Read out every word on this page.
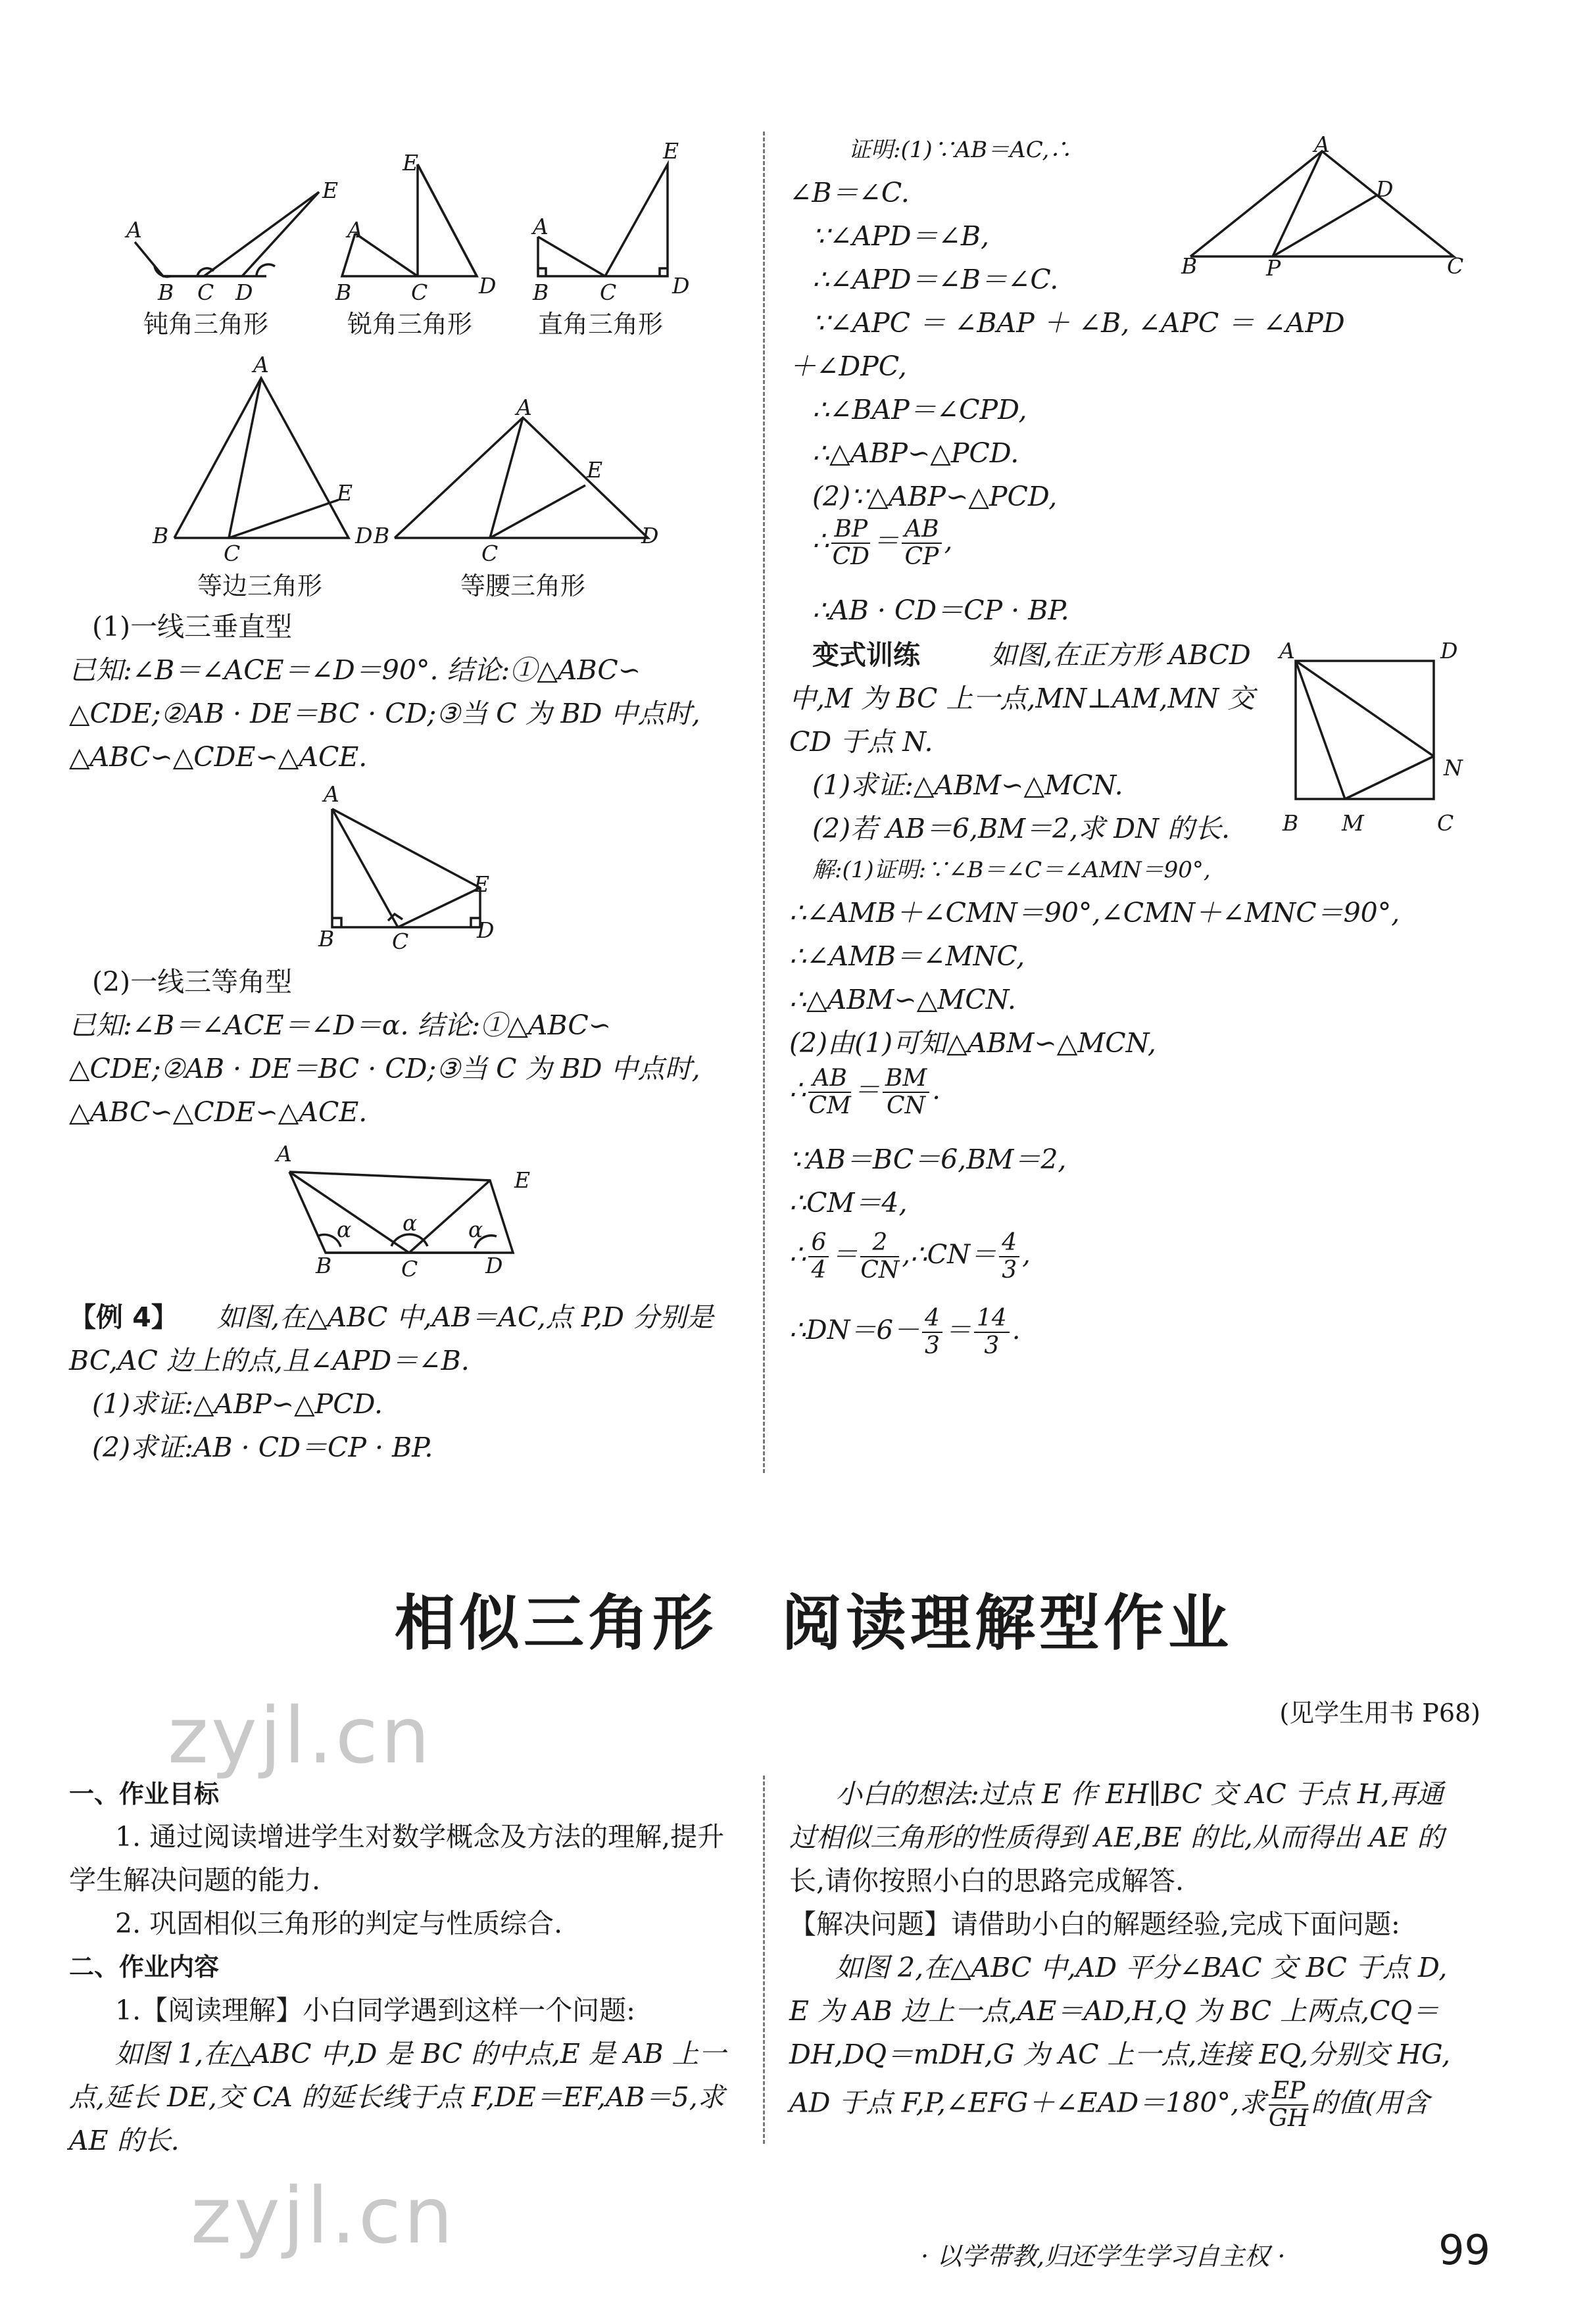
A
B C D
E
A
B	C D
E
A
B C	D
E
A
B
C
D
E
A
B
C
D
E
钝角三角形	锐角三角形	直角三角形
等边三角形	等腰三角形
(1)一线三垂直型
已知:∠B＝∠ACE＝∠D＝90°. 结论:①△ABC∽
△CDE;②AB · DE＝BC · CD;③当 C 为 BD 中点时,
△ABC∽△CDE∽△ACE.
A
B	C	D
E
(2)一线三等角型
已知:∠B＝∠ACE＝∠D＝α. 结论:①△ABC∽
△CDE;②AB · DE＝BC · CD;③当 C 为 BD 中点时,
△ABC∽△CDE∽△ACE.
A
B	C	D
E
α α α
【例 4】 如图,在△ABC 中,AB＝AC,点 P,D 分别是
BC,AC 边上的点,且∠APD＝∠B.
(1)求证:△ABP∽△PCD.
(2)求证:AB · CD＝CP · BP.
证明:(1)∵AB＝AC,∴
∠B＝∠C.
∵∠APD＝∠B,
∴∠APD＝∠B＝∠C.
∵∠APC ＝ ∠BAP ＋ ∠B, ∠APC ＝ ∠APD
＋∠DPC,
∴∠BAP＝∠CPD,
∴△ABP∽△PCD.
(2)∵△ABP∽△PCD,
A
B	P	C
D
∴ $\frac{BP}{CD} = \frac{AB}{CP}$ ,
∴AB · CD＝CP · BP.
变式训练	如图,在正方形 ABCD
中,M 为 BC 上一点,MN⊥AM,MN 交
CD 于点 N.
(1)求证:△ABM∽△MCN.
(2)若 AB＝6,BM＝2,求 DN 的长.
A	D
N
B M	C
解:(1)证明:∵∠B＝∠C＝∠AMN＝90°,
∴∠AMB＋∠CMN＝90°,∠CMN＋∠MNC＝90°,
∴∠AMB＝∠MNC,
∴△ABM∽△MCN.
(2)由(1)可知△ABM∽△MCN,
∴ $\frac{AB}{CM} = \frac{BM}{CN}$ .
∵AB＝BC＝6,BM＝2,
∴CM＝4,
∴ $\frac{6}{4} = \frac{2}{CN}$ ,∴CN＝ $\frac{4}{3}$ ,
∴DN＝6－ $\frac{4}{3} = \frac{14}{3}$ .
相似三角形　阅读理解型作业
(见学生用书 P68)
zyjl.cn
zyjl.cn
一、作业目标
1. 通过阅读增进学生对数学概念及方法的理解,提升
学生解决问题的能力.
2. 巩固相似三角形的判定与性质综合.
二、作业内容
1.【阅读理解】小白同学遇到这样一个问题:
如图 1,在△ABC 中,D 是 BC 的中点,E 是 AB 上一
点,延长 DE,交 CA 的延长线于点 F,DE＝EF,AB＝5,求
AE 的长.
小白的想法:过点 E 作 EH∥BC 交 AC 于点 H,再通
过相似三角形的性质得到 AE,BE 的比,从而得出 AE 的
长,请你按照小白的思路完成解答.
【解决问题】请借助小白的解题经验,完成下面问题:
如图 2,在△ABC 中,AD 平分∠BAC 交 BC 于点 D,
E 为 AB 边上一点,AE＝AD,H,Q 为 BC 上两点,CQ＝
DH,DQ＝mDH,G 为 AC 上一点,连接 EQ,分别交 HG,
AD 于点 F,P,∠EFG＋∠EAD＝180°,求 $\frac{EP}{GH}$ 的值(用含
· 以学带教,归还学生学习自主权 ·	99
